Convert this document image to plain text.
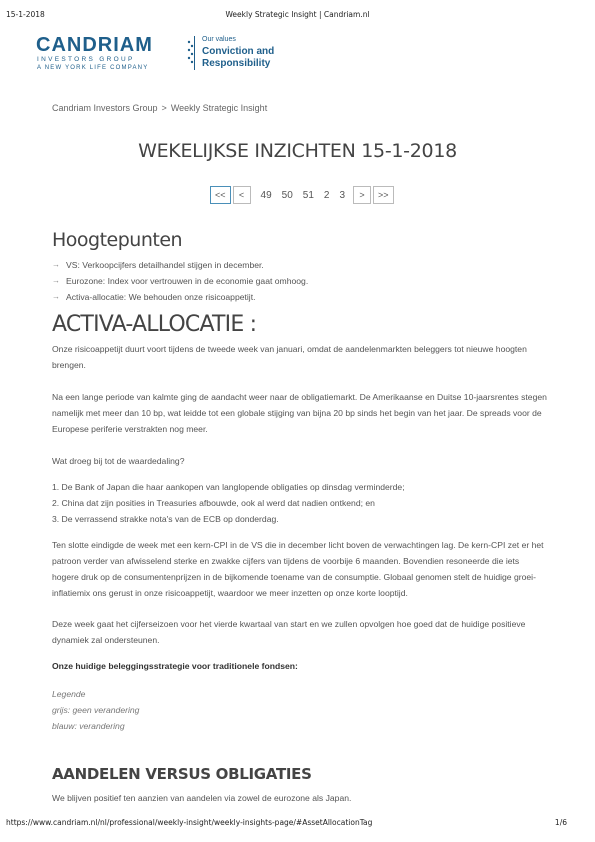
15-1-2018	Weekly Strategic Insight | Candriam.nl
CANDRIAM
INVESTORS GROUP
A NEW YORK LIFE COMPANY
Our values
Conviction and
Responsibility
Candriam Investors Group > Weekly Strategic Insight
WEKELIJKSE INZICHTEN 15-1-2018
<<	<	49 50 51 2 3	>	>>
Hoogtepunten
→ VS: Verkoopcijfers detailhandel stijgen in december.
→ Eurozone: Index voor vertrouwen in de economie gaat omhoog.
→ Activa-allocatie: We behouden onze risicoappetijt.
ACTIVA-ALLOCATIE :

Onze risicoappetijt duurt voort tijdens de tweede week van januari, omdat de aandelenmarkten beleggers tot nieuwe hoogten brengen.

Na een lange periode van kalmte ging de aandacht weer naar de obligatiemarkt. De Amerikaanse en Duitse 10-jaarsrentes stegen namelijk met meer dan 10 bp, wat leidde tot een globale stijging van bijna 20 bp sinds het begin van het jaar. De spreads voor de Europese periferie verstrakten nog meer.

Wat droeg bij tot de waardedaling?

1. De Bank of Japan die haar aankopen van langlopende obligaties op dinsdag verminderde;
2. China dat zijn posities in Treasuries afbouwde, ook al werd dat nadien ontkend; en
3. De verrassend strakke nota's van de ECB op donderdag.

Ten slotte eindigde de week met een kern-CPI in de VS die in december licht boven de verwachtingen lag. De kern-CPI zet er het patroon verder van afwisselend sterke en zwakke cijfers van tijdens de voorbije 6 maanden. Bovendien resoneerde die iets hogere druk op de consumentenprijzen in de bijkomende toename van de consumptie. Globaal genomen stelt de huidige groei-inflatiemix ons gerust in onze risicoappetijt, waardoor we meer inzetten op onze korte looptijd.

Deze week gaat het cijferseizoen voor het vierde kwartaal van start en we zullen opvolgen hoe goed dat de huidige positieve dynamiek zal ondersteunen.

Onze huidige beleggingsstrategie voor traditionele fondsen:

Legende
grijs: geen verandering
blauw: verandering
AANDELEN VERSUS OBLIGATIES

We blijven positief ten aanzien van aandelen via zowel de eurozone als Japan.

https://www.candriam.nl/nl/professional/weekly-insight/weekly-insights-page/#AssetAllocationTag	1/6
